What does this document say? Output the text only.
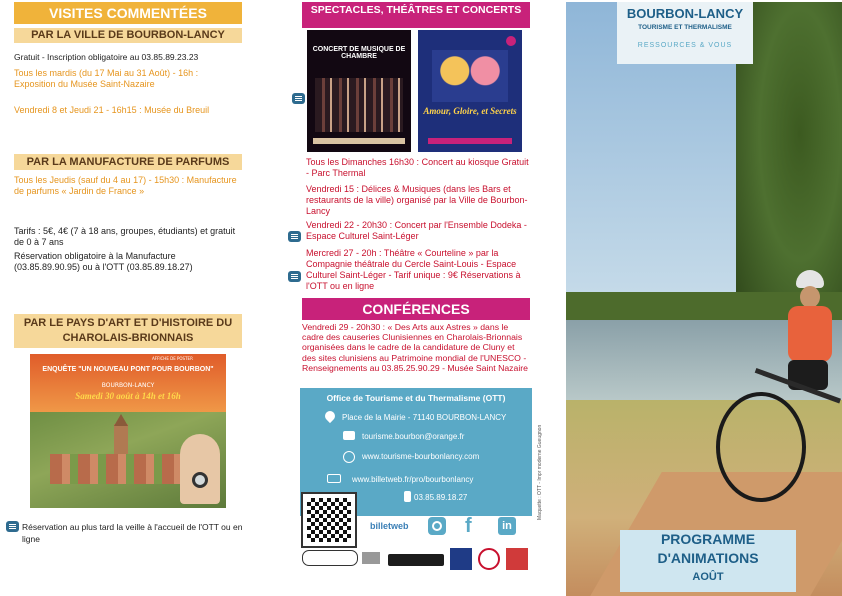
VISITES COMMENTÉES
PAR LA VILLE DE BOURBON-LANCY
Gratuit - Inscription obligatoire au 03.85.89.23.23
Tous les mardis (du 17 Mai au 31 Août) - 16h : Exposition du Musée Saint-Nazaire
Vendredi 8 et Jeudi 21 - 16h15 : Musée du Breuil
PAR LA MANUFACTURE DE PARFUMS
Tous les Jeudis (sauf du 4 au 17) - 15h30 : Manufacture de parfums « Jardin de France »
Tarifs : 5€, 4€ (7 à 18 ans, groupes, étudiants) et gratuit de 0 à 7 ans
Réservation obligatoire à la Manufacture (03.85.89.90.95) ou à l'OTT (03.85.89.18.27)
PAR LE PAYS D'ART ET D'HISTOIRE DU CHAROLAIS-BRIONNAIS
AFFICHE DE POSTER
ENQUÊTE "UN NOUVEAU PONT POUR BOURBON"
BOURBON-LANCY
Samedi 30 août à 14h et 16h
Réservation au plus tard la veille à l'accueil de l'OTT ou en ligne
SPECTACLES, THÉÂTRES ET CONCERTS
CONCERT DE MUSIQUE DE CHAMBRE
Amour, Gloire, et Secrets
Tous les Dimanches 16h30 : Concert au kiosque Gratuit - Parc Thermal
Vendredi 15 : Délices & Musiques (dans les Bars et restaurants de la ville) organisé par la Ville de Bourbon-Lancy
Vendredi 22 - 20h30 : Concert par l'Ensemble Dodeka - Espace Culturel Saint-Léger
Mercredi 27 - 20h : Théâtre « Courteline » par la Compagnie théâtrale du Cercle Saint-Louis - Espace Culturel Saint-Léger - Tarif unique : 9€ Réservations à l'OTT ou en ligne
CONFÉRENCES
Vendredi 29 - 20h30 : « Des Arts aux Astres » dans le cadre des causeries Clunisiennes en Charolais-Brionnais organisées dans le cadre de la candidature de Cluny et des sites clunisiens au Patrimoine mondial de l'UNESCO - Renseignements au 03.85.25.90.29 - Musée Saint Nazaire
Office de Tourisme et du Thermalisme (OTT)
Place de la Mairie - 71140 BOURBON-LANCY
tourisme.bourbon@orange.fr
www.tourisme-bourbonlancy.com
www.billetweb.fr/pro/bourbonlancy
03.85.89.18.27
billetweb	f	in
Maquette : OTT - Impr moderne Gueugnon
BOURBON-LANCY
TOURISME ET THERMALISME
RESSOURCES & VOUS
PROGRAMME
D'ANIMATIONS
AOÛT
